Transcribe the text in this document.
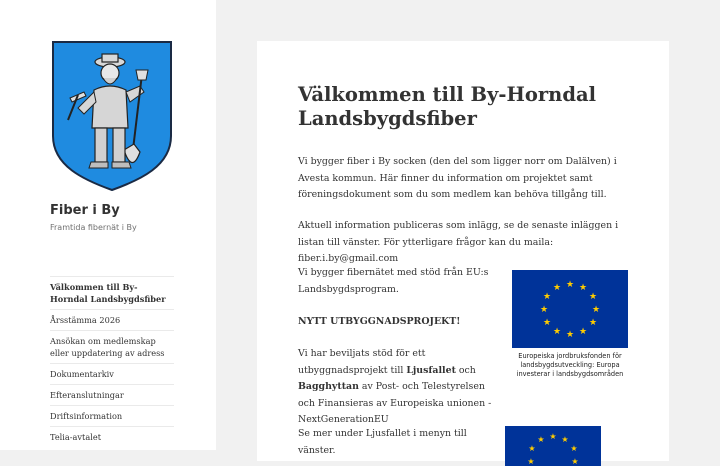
Fiber i By
Framtida fibernät i By
Välkommen till By-Horndal Landsbygdsfiber
Årsstämma 2026
Ansökan om medlemskap eller uppdatering av adress
Dokumentarkiv
Efteranslutningar
Driftsinformation
Telia-avtalet
Välkommen till By-Horndal Landsbygdsfiber

Vi bygger fiber i By socken (den del som ligger norr om Dalälven) i Avesta kommun. Här finner du information om projektet samt föreningsdokument som du som medlem kan behöva tillgång till.

Aktuell information publiceras som inlägg, se de senaste inläggen i listan till vänster. För ytterligare frågor kan du maila: fiber.i.by@gmail.com

Vi bygger fibernätet med stöd från EU:s Landsbygdsprogram.

NYTT UTBYGGNADSPROJEKT!

Vi har beviljats stöd för ett utbyggnadsprojekt till Ljusfallet och Bagghyttan av Post- och Telestyrelsen och Finansieras av Europeiska unionen -NextGenerationEU

Se mer under Ljusfallet i menyn till vänster.

★ ★
★
★
★
★
★
★
★
★
★
★
Europeiska jordbruksfonden för landsbygdsutveckling: Europa investerar i landsbygdsområden
★ ★
★
★
★
★
★
